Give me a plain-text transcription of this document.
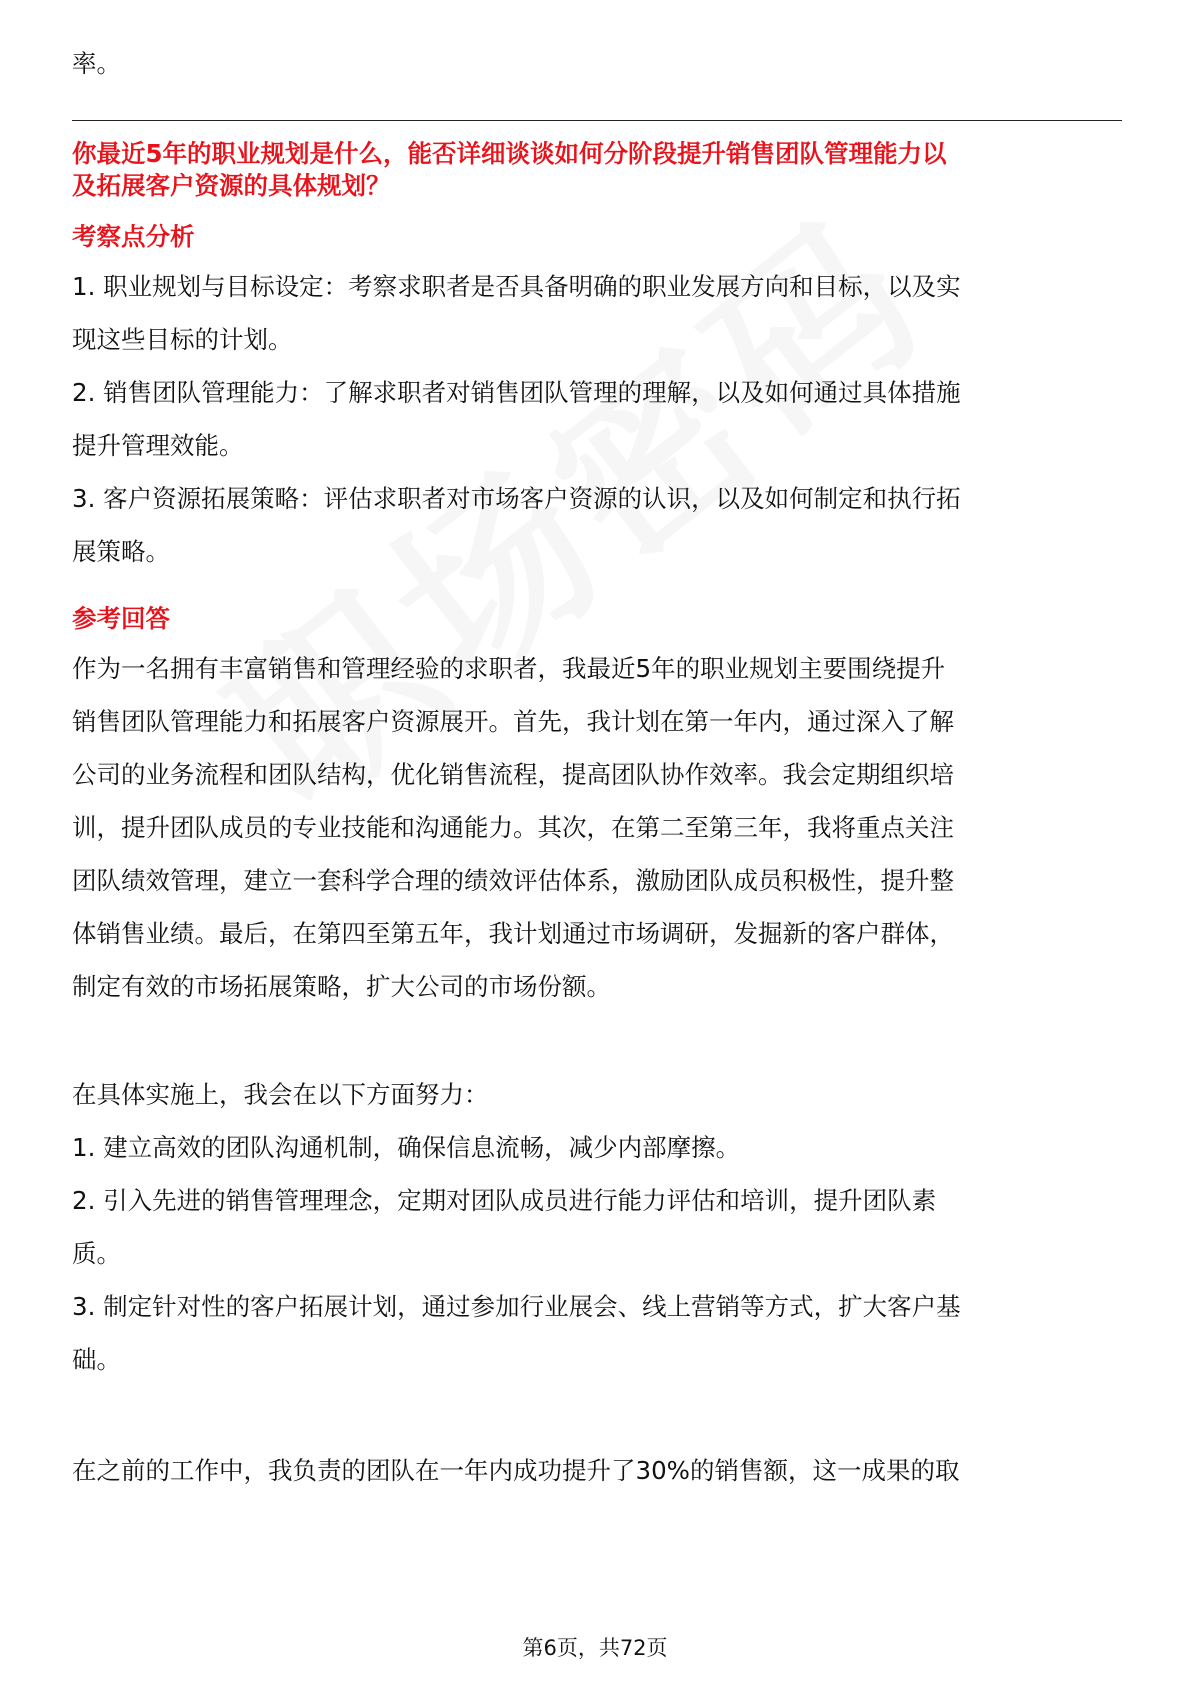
率。
你最近5年的职业规划是什么，能否详细谈谈如何分阶段提升销售团队管理能力以
及拓展客户资源的具体规划？
考察点分析
1. 职业规划与目标设定：考察求职者是否具备明确的职业发展方向和目标，以及实
现这些目标的计划。
2. 销售团队管理能力：了解求职者对销售团队管理的理解，以及如何通过具体措施
提升管理效能。
3. 客户资源拓展策略：评估求职者对市场客户资源的认识，以及如何制定和执行拓
展策略。
参考回答
作为一名拥有丰富销售和管理经验的求职者，我最近5年的职业规划主要围绕提升
销售团队管理能力和拓展客户资源展开。首先，我计划在第一年内，通过深入了解
公司的业务流程和团队结构，优化销售流程，提高团队协作效率。我会定期组织培
训，提升团队成员的专业技能和沟通能力。其次，在第二至第三年，我将重点关注
团队绩效管理，建立一套科学合理的绩效评估体系，激励团队成员积极性，提升整
体销售业绩。最后，在第四至第五年，我计划通过市场调研，发掘新的客户群体，
制定有效的市场拓展策略，扩大公司的市场份额。
在具体实施上，我会在以下方面努力：
1. 建立高效的团队沟通机制，确保信息流畅，减少内部摩擦。
2. 引入先进的销售管理理念，定期对团队成员进行能力评估和培训，提升团队素
质。
3. 制定针对性的客户拓展计划，通过参加行业展会、线上营销等方式，扩大客户基
础。
在之前的工作中，我负责的团队在一年内成功提升了30%的销售额，这一成果的取
第6页，共72页
